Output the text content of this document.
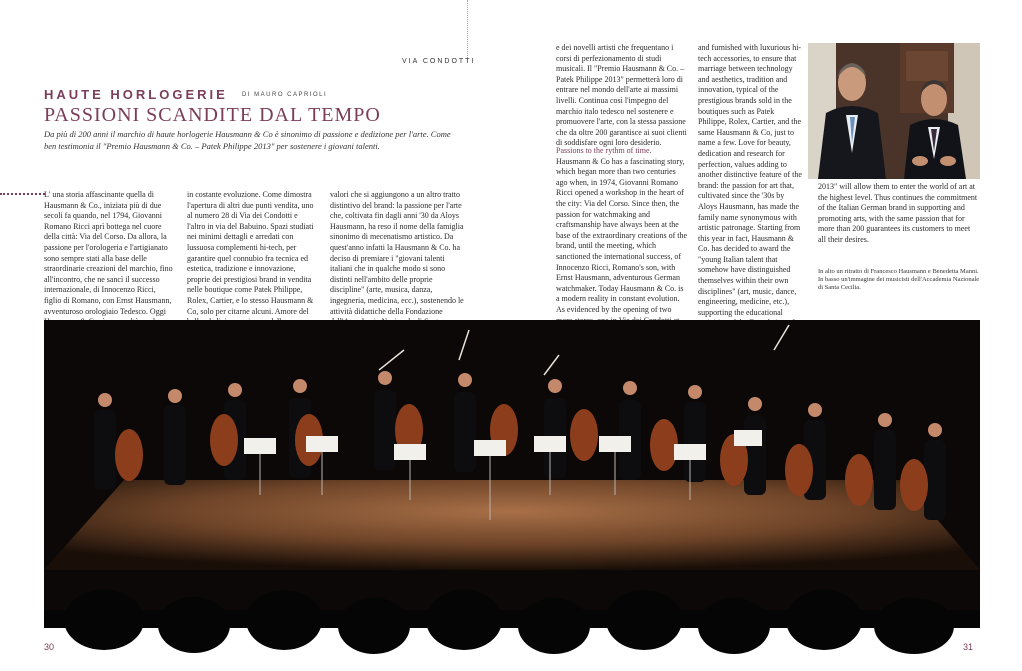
VIA CONDOTTI
HAUTE HORLOGERIE DI MAURO CAPRIOLI
PASSIONI SCANDITE DAL TEMPO
Da più di 200 anni il marchio di haute horlogerie Hausmann & Co è sinonimo di passione e dedizione per l'arte. Come ben testimonia il "Premio Hausmann & Co. – Patek Philippe 2013" per sostenere i giovani talenti.

L' una storia affascinante quella di Hausmann & Co., iniziata più di due secoli fa quando, nel 1794, Giovanni Romano Ricci aprì bottega nel cuore della città: Via del Corso. Da allora, la passione per l'orologeria e l'artigianato sono sempre stati alla base delle straordinarie creazioni del marchio, fino all'incontro, che ne sancì il successo internazionale, di Innocenzo Ricci, figlio di Romano, con Ernst Hausmann, avventuroso orologiaio Tedesco. Oggi

in costante evoluzione. Come dimostra l'apertura di altri due punti vendita, uno al numero 28 di Via dei Condotti e l'altro in via del Babuino. Spazi studiati nei minimi dettagli e arredati con lussuosa complementi hi-tech, per garantire quel connubio fra tecnica ed estetica, tradizione e innovazione, proprie dei prestigiosi brand in vendita nelle boutique come Patek Philippe, Rolex, Cartier, e lo stesso Hausmann & Co, solo per citarne alcuni. Amore del

valori che si aggiungono a un altro tratto distintivo del brand: la passione per l'arte che, coltivata fin dagli anni '30 da Aloys Hausmann, ha reso il nome della famiglia sinonimo di mecenatismo artistico. Da quest'anno infatti la Hausmann & Co. ha deciso di premiare i "giovani talenti italiani che in qualche modo si sono distinti nell'ambito delle proprie discipline" (arte, musica, danza, ingegneria, medicina, ecc.), sostenendo le attività didattiche della Fondazione

e dei novelli artisti che frequentano i corsi di perfezionamento di studi musicali. Il "Premio Hausmann & Co. – Patek Philippe 2013" permetterà loro di entrare nel mondo dell'arte ai massimi livelli. Continua così l'impegno del marchio italo tedesco nel sostenere e promuovere l'arte, con la stessa passione che da oltre 200 garantisce ai suoi clienti di soddisfare ogni loro desiderio.

Passions to the rythm of time.

Hausmann & Co has a fascinating story, which began more than two centuries ago when, in 1974, Giovanni Romano Ricci opened a workshop in the heart of the city: Via del Corso. Since then, the passion for watchmaking and craftsmanship have always been at the base of the extraordinary creations of the brand, until the meeting, which sanctioned the international success, of Innocenzo Ricci, Romano's son, with Ernst Hausmann, adventurous German watchmaker. Today Hausmann & Co. is a modern reality in constant evolution. As evidenced by the opening of two

and furnished with luxurious hi-tech accessories, to ensure that marriage between technology and aesthetics, tradition and innovation, typical of the prestigious brands sold in the boutiques such as Patek Philippe, Rolex, Cartier, and the same Hausmann & Co, just to name a few. Love for beauty, dedication and research for perfection, values adding to another distinctive feature of the brand: the passion for art that, cultivated since the '30s by Aloys Hausmann, has made the family name synonymous with artistic patronage. Starting from this year in fact, Hausmann & Co. has decided to award the "young Italian talent that somehow have distinguished themselves within their own disciplines" (art, music, dance, engineering, medicine, etc.), supporting the educational

2013" will allow them to enter the world of art at the highest level. Thus continues the commitment of the Italian German brand in supporting and promoting arts, with the same passion that for more than 200 guarantees its customers to meet all their desires.

In alto un ritratto di Francesco Hausmann e Benedetta Manni.
In basso un'immagine dei musicisti dell'Accademia Nazionale di Santa Cecilia.
30	31
